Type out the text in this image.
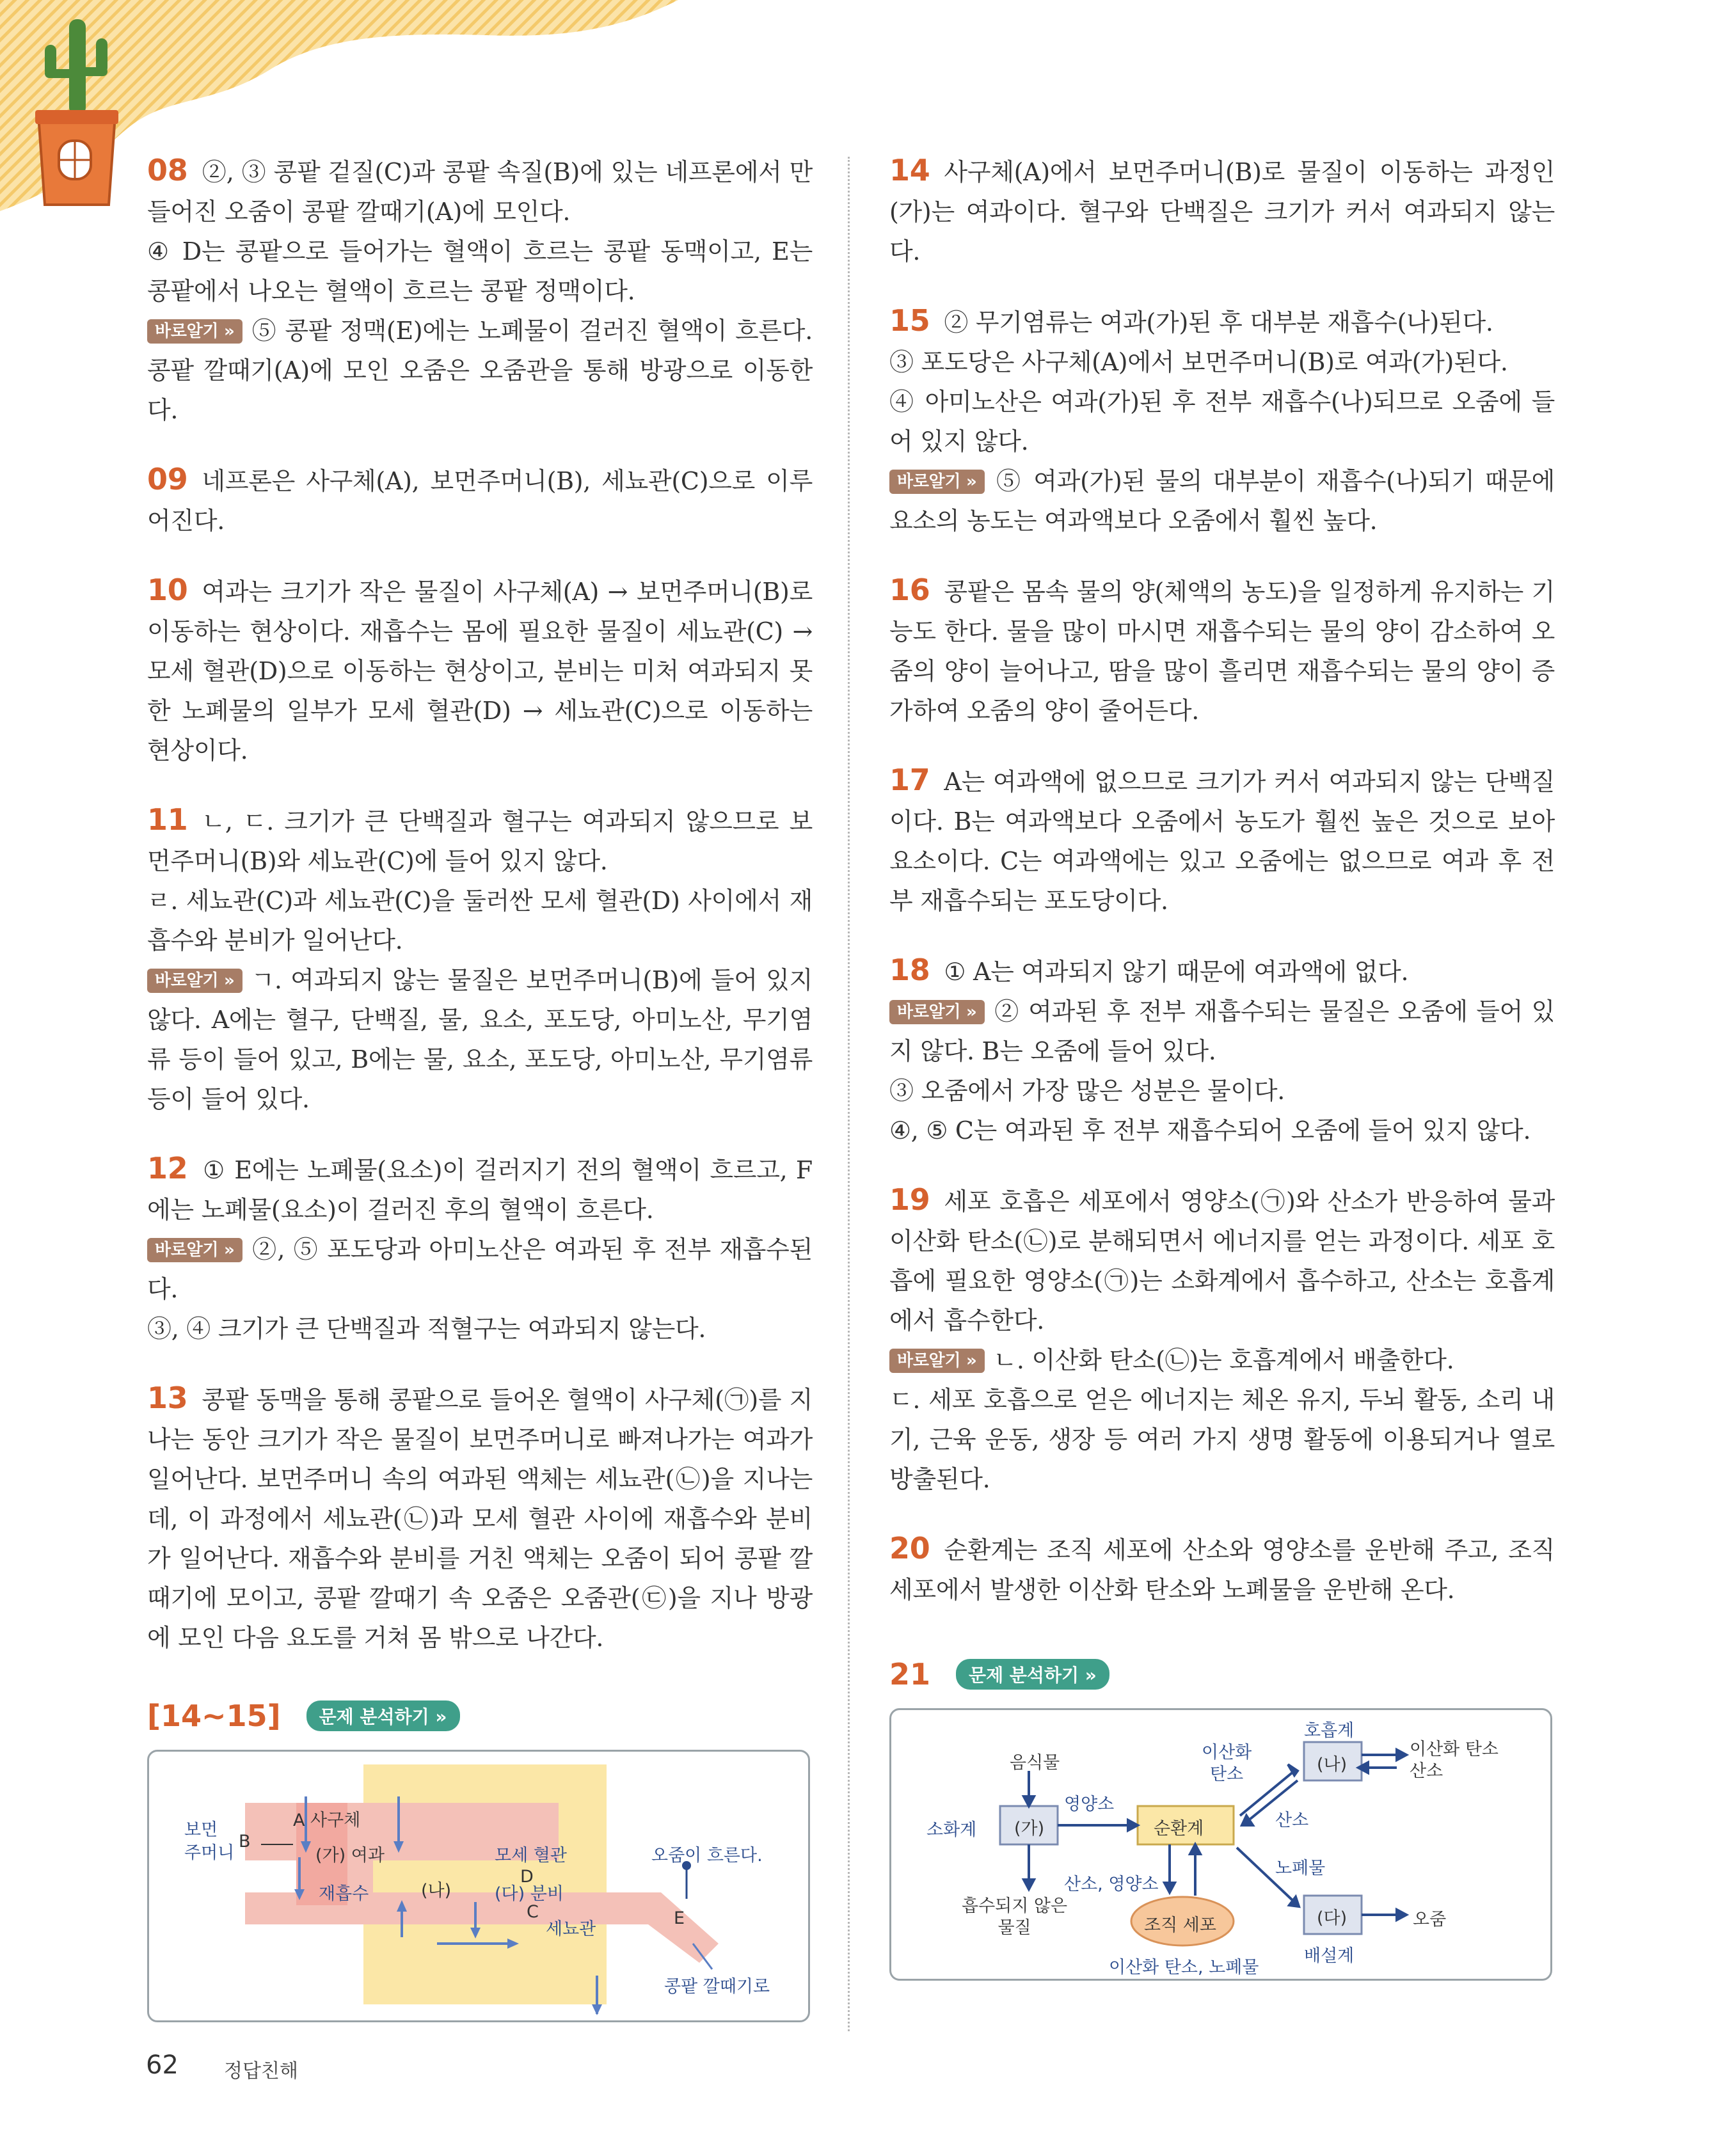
08 ②, ③ 콩팥 겉질(C)과 콩팥 속질(B)에 있는 네프론에서 만들어진 오줌이 콩팥 깔때기(A)에 모인다.

④ D는 콩팥으로 들어가는 혈액이 흐르는 콩팥 동맥이고, E는 콩팥에서 나오는 혈액이 흐르는 콩팥 정맥이다.

바로알기 » ⑤ 콩팥 정맥(E)에는 노폐물이 걸러진 혈액이 흐른다. 콩팥 깔때기(A)에 모인 오줌은 오줌관을 통해 방광으로 이동한다.

09 네프론은 사구체(A), 보먼주머니(B), 세뇨관(C)으로 이루어진다.

10 여과는 크기가 작은 물질이 사구체(A) → 보먼주머니(B)로 이동하는 현상이다. 재흡수는 몸에 필요한 물질이 세뇨관(C) → 모세 혈관(D)으로 이동하는 현상이고, 분비는 미처 여과되지 못한 노폐물의 일부가 모세 혈관(D) → 세뇨관(C)으로 이동하는 현상이다.

11 ㄴ, ㄷ. 크기가 큰 단백질과 혈구는 여과되지 않으므로 보먼주머니(B)와 세뇨관(C)에 들어 있지 않다.

ㄹ. 세뇨관(C)과 세뇨관(C)을 둘러싼 모세 혈관(D) 사이에서 재흡수와 분비가 일어난다.

바로알기 » ㄱ. 여과되지 않는 물질은 보먼주머니(B)에 들어 있지 않다. A에는 혈구, 단백질, 물, 요소, 포도당, 아미노산, 무기염류 등이 들어 있고, B에는 물, 요소, 포도당, 아미노산, 무기염류 등이 들어 있다.

12 ① E에는 노폐물(요소)이 걸러지기 전의 혈액이 흐르고, F에는 노폐물(요소)이 걸러진 후의 혈액이 흐른다.

바로알기 » ②, ⑤ 포도당과 아미노산은 여과된 후 전부 재흡수된다.

③, ④ 크기가 큰 단백질과 적혈구는 여과되지 않는다.

13 콩팥 동맥을 통해 콩팥으로 들어온 혈액이 사구체(㉠)를 지나는 동안 크기가 작은 물질이 보먼주머니로 빠져나가는 여과가 일어난다. 보먼주머니 속의 여과된 액체는 세뇨관(㉡)을 지나는데, 이 과정에서 세뇨관(㉡)과 모세 혈관 사이에 재흡수와 분비가 일어난다. 재흡수와 분비를 거친 액체는 오줌이 되어 콩팥 깔때기에 모이고, 콩팥 깔때기 속 오줌은 오줌관(㉢)을 지나 방광에 모인 다음 요도를 거쳐 몸 밖으로 나간다.

14 사구체(A)에서 보먼주머니(B)로 물질이 이동하는 과정인 (가)는 여과이다. 혈구와 단백질은 크기가 커서 여과되지 않는다.

15 ② 무기염류는 여과(가)된 후 대부분 재흡수(나)된다.

③ 포도당은 사구체(A)에서 보먼주머니(B)로 여과(가)된다.

④ 아미노산은 여과(가)된 후 전부 재흡수(나)되므로 오줌에 들어 있지 않다.

바로알기 » ⑤ 여과(가)된 물의 대부분이 재흡수(나)되기 때문에 요소의 농도는 여과액보다 오줌에서 훨씬 높다.

16 콩팥은 몸속 물의 양(체액의 농도)을 일정하게 유지하는 기능도 한다. 물을 많이 마시면 재흡수되는 물의 양이 감소하여 오줌의 양이 늘어나고, 땀을 많이 흘리면 재흡수되는 물의 양이 증가하여 오줌의 양이 줄어든다.

17 A는 여과액에 없으므로 크기가 커서 여과되지 않는 단백질이다. B는 여과액보다 오줌에서 농도가 훨씬 높은 것으로 보아 요소이다. C는 여과액에는 있고 오줌에는 없으므로 여과 후 전부 재흡수되는 포도당이다.

18 ① A는 여과되지 않기 때문에 여과액에 없다.

바로알기 » ② 여과된 후 전부 재흡수되는 물질은 오줌에 들어 있지 않다. B는 오줌에 들어 있다.

③ 오줌에서 가장 많은 성분은 물이다.

④, ⑤ C는 여과된 후 전부 재흡수되어 오줌에 들어 있지 않다.

19 세포 호흡은 세포에서 영양소(㉠)와 산소가 반응하여 물과 이산화 탄소(㉡)로 분해되면서 에너지를 얻는 과정이다. 세포 호흡에 필요한 영양소(㉠)는 소화계에서 흡수하고, 산소는 호흡계에서 흡수한다.

바로알기 » ㄴ. 이산화 탄소(㉡)는 호흡계에서 배출한다.

ㄷ. 세포 호흡으로 얻은 에너지는 체온 유지, 두뇌 활동, 소리 내기, 근육 운동, 생장 등 여러 가지 생명 활동에 이용되거나 열로 방출된다.

20 순환계는 조직 세포에 산소와 영양소를 운반해 주고, 조직 세포에서 발생한 이산화 탄소와 노폐물을 운반해 온다.

[14~15]	문제 분석하기 »
보먼
주머니
B
A 사구체
(가) 여과	모세 혈관
D
(나)
재흡수	(다) 분비
C
세뇨관
E
오줌이 흐른다.
콩팥 깔때기로
21	문제 분석하기 »
음식물
소화계 (가)
영양소
순환계
흡수되지 않은
물질
산소, 영양소
조직 세포
이산화 탄소, 노폐물
호흡계
(나)
이산화 탄소
산소
이산화
탄소
산소
노폐물
(다)	오줌
배설계
62 정답친해
